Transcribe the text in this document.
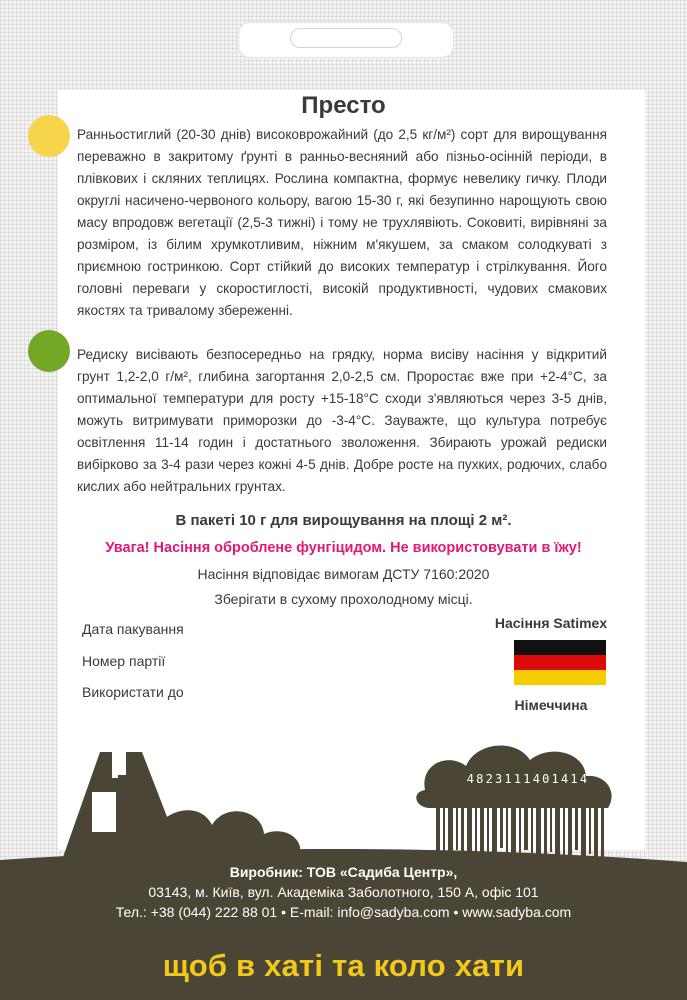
Престо

Ранньостиглий (20-30 днів) високоврожайний (до 2,5 кг/м²) сорт для вирощування переважно в закритому ґрунті в ранньо-весняний або пізньо-осінній періоди, в плівкових і скляних теплицях. Рослина компактна, формує невелику гичку. Плоди округлі насичено-червоного кольору, вагою 15-30 г, які безупинно нарощують свою масу впродовж вегетації (2,5-3 тижні) і тому не трухлявіють. Соковиті, вирівняні за розміром, із білим хрумкотливим, ніжним м'якушем, за смаком солодкуваті з приємною гостринкою. Сорт стійкий до високих температур і стрілкування. Його головні переваги у скоростиглості, високій продуктивності, чудових смакових якостях та тривалому збереженні.

Редиску висівають безпосередньо на грядку, норма висіву насіння у відкритий грунт 1,2-2,0 г/м², глибина загортання 2,0-2,5 см. Проростає вже при +2-4°С, за оптимальної температури для росту +15-18°С сходи з'являються через 3-5 днів, можуть витримувати приморозки до -3-4°С. Зауважте, що культура потребує освітлення 11-14 годин і достатнього зволоження. Збирають урожай редиски вибірково за 3-4 рази через кожні 4-5 днів. Добре росте на пухких, родючих, слабо кислих або нейтральних грунтах.

В пакеті 10 г для вирощування на площі 2 м².

Увага! Насіння оброблене фунгіцидом. Не використовувати в їжу!

Насіння відповідає вимогам ДСТУ 7160:2020

Зберігати в сухому прохолодному місці.

Дата пакування

Номер партії

Використати до

Насіння Satimex

Німеччина

4823111401414

Виробник: ТОВ «Садиба Центр»,

03143, м. Київ, вул. Академіка Заболотного, 150 А, офіс 101

Тел.: +38 (044) 222 88 01 • E-mail: info@sadyba.com • www.sadyba.com

щоб в хаті та коло хати
